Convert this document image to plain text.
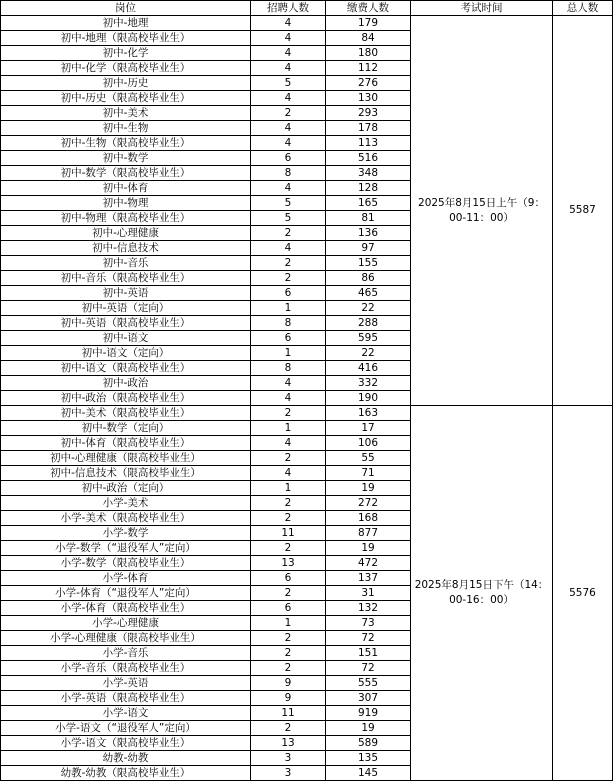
岗位	招聘人数	缴费人数	考试时间	总人数
初中-地理	4	179	2025年8月15日上午（9：00-11：00）	5587
初中-地理（限高校毕业生）	4	84		
初中-化学	4	180		
初中-化学（限高校毕业生）	4	112		
初中-历史	5	276		
初中-历史（限高校毕业生）	4	130		
初中-美术	2	293		
初中-生物	4	178		
初中-生物（限高校毕业生）	4	113		
初中-数学	6	516		
初中-数学（限高校毕业生）	8	348		
初中-体育	4	128		
初中-物理	5	165		
初中-物理（限高校毕业生）	5	81		
初中-心理健康	2	136		
初中-信息技术	4	97		
初中-音乐	2	155		
初中-音乐（限高校毕业生）	2	86		
初中-英语	6	465		
初中-英语（定向）	1	22		
初中-英语（限高校毕业生）	8	288		
初中-语文	6	595		
初中-语文（定向）	1	22		
初中-语文（限高校毕业生）	8	416		
初中-政治	4	332		
初中-政治（限高校毕业生）	4	190		
初中-美术（限高校毕业生）	2	163	2025年8月15日下午（14：00-16：00）	5576
初中-数学（定向）	1	17		
初中-体育（限高校毕业生）	4	106		
初中-心理健康（限高校毕业生）	2	55		
初中-信息技术（限高校毕业生）	4	71		
初中-政治（定向）	1	19		
小学-美术	2	272		
小学-美术（限高校毕业生）	2	168		
小学-数学	11	877		
小学-数学（“退役军人”定向）	2	19		
小学-数学（限高校毕业生）	13	472		
小学-体育	6	137		
小学-体育（“退役军人”定向）	2	31		
小学-体育（限高校毕业生）	6	132		
小学-心理健康	1	73		
小学-心理健康（限高校毕业生）	2	72		
小学-音乐	2	151		
小学-音乐（限高校毕业生）	2	72		
小学-英语	9	555		
小学-英语（限高校毕业生）	9	307		
小学-语文	11	919		
小学-语文（“退役军人”定向）	2	19		
小学-语文（限高校毕业生）	13	589		
幼教-幼教	3	135		
幼教-幼教（限高校毕业生）	3	145		
